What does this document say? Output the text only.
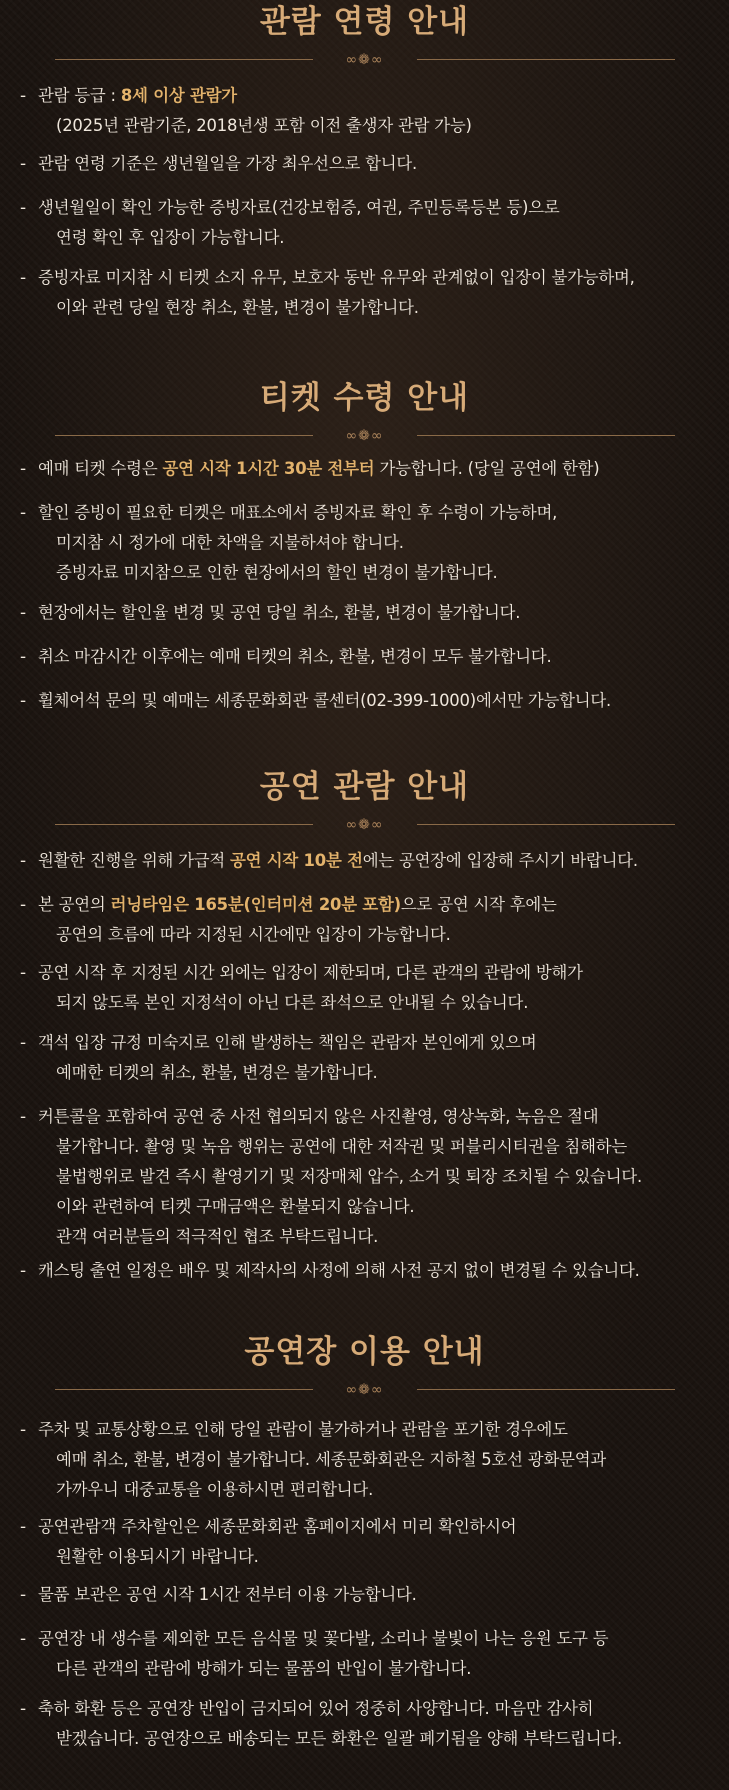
관람 연령 안내
∞❁∞
- 관람 등급 : 8세 이상 관람가
(2025년 관람기준, 2018년생 포함 이전 출생자 관람 가능)
- 관람 연령 기준은 생년월일을 가장 최우선으로 합니다.
- 생년월일이 확인 가능한 증빙자료(건강보험증, 여권, 주민등록등본 등)으로
연령 확인 후 입장이 가능합니다.
- 증빙자료 미지참 시 티켓 소지 유무, 보호자 동반 유무와 관계없이 입장이 불가능하며,
이와 관련 당일 현장 취소, 환불, 변경이 불가합니다.
티켓 수령 안내
∞❁∞
- 예매 티켓 수령은 공연 시작 1시간 30분 전부터 가능합니다. (당일 공연에 한함)
- 할인 증빙이 필요한 티켓은 매표소에서 증빙자료 확인 후 수령이 가능하며,
미지참 시 정가에 대한 차액을 지불하셔야 합니다.
증빙자료 미지참으로 인한 현장에서의 할인 변경이 불가합니다.
- 현장에서는 할인율 변경 및 공연 당일 취소, 환불, 변경이 불가합니다.
- 취소 마감시간 이후에는 예매 티켓의 취소, 환불, 변경이 모두 불가합니다.
- 휠체어석 문의 및 예매는 세종문화회관 콜센터(02-399-1000)에서만 가능합니다.
공연 관람 안내
∞❁∞
- 원활한 진행을 위해 가급적 공연 시작 10분 전에는 공연장에 입장해 주시기 바랍니다.
- 본 공연의 러닝타임은 165분(인터미션 20분 포함)으로 공연 시작 후에는
공연의 흐름에 따라 지정된 시간에만 입장이 가능합니다.
- 공연 시작 후 지정된 시간 외에는 입장이 제한되며, 다른 관객의 관람에 방해가
되지 않도록 본인 지정석이 아닌 다른 좌석으로 안내될 수 있습니다.
- 객석 입장 규정 미숙지로 인해 발생하는 책임은 관람자 본인에게 있으며
예매한 티켓의 취소, 환불, 변경은 불가합니다.
- 커튼콜을 포함하여 공연 중 사전 협의되지 않은 사진촬영, 영상녹화, 녹음은 절대
불가합니다. 촬영 및 녹음 행위는 공연에 대한 저작권 및 퍼블리시티권을 침해하는
불법행위로 발견 즉시 촬영기기 및 저장매체 압수, 소거 및 퇴장 조치될 수 있습니다.
이와 관련하여 티켓 구매금액은 환불되지 않습니다.
관객 여러분들의 적극적인 협조 부탁드립니다.
- 캐스팅 출연 일정은 배우 및 제작사의 사정에 의해 사전 공지 없이 변경될 수 있습니다.
공연장 이용 안내
∞❁∞
- 주차 및 교통상황으로 인해 당일 관람이 불가하거나 관람을 포기한 경우에도
예매 취소, 환불, 변경이 불가합니다. 세종문화회관은 지하철 5호선 광화문역과
가까우니 대중교통을 이용하시면 편리합니다.
- 공연관람객 주차할인은 세종문화회관 홈페이지에서 미리 확인하시어
원활한 이용되시기 바랍니다.
- 물품 보관은 공연 시작 1시간 전부터 이용 가능합니다.
- 공연장 내 생수를 제외한 모든 음식물 및 꽃다발, 소리나 불빛이 나는 응원 도구 등
다른 관객의 관람에 방해가 되는 물품의 반입이 불가합니다.
- 축하 화환 등은 공연장 반입이 금지되어 있어 정중히 사양합니다. 마음만 감사히
받겠습니다. 공연장으로 배송되는 모든 화환은 일괄 폐기됨을 양해 부탁드립니다.
